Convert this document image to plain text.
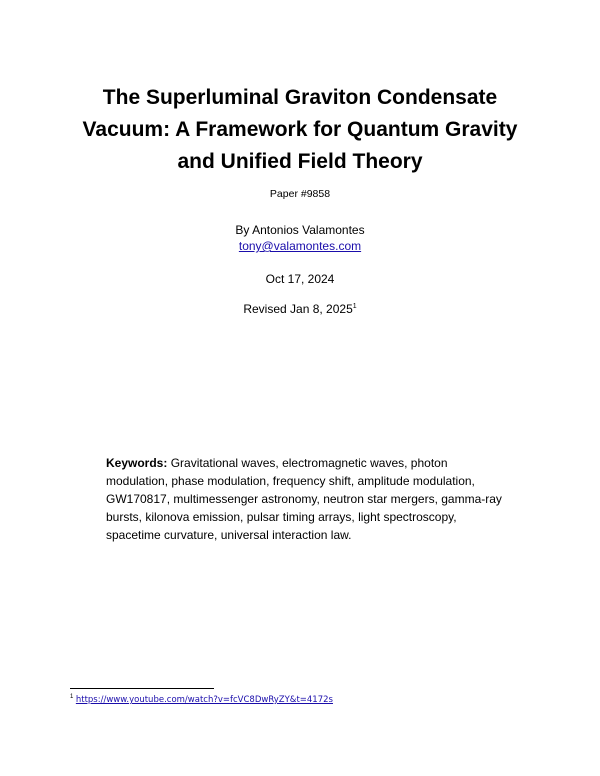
The Superluminal Graviton Condensate
Vacuum: A Framework for Quantum Gravity
and Unified Field Theory
Paper #9858
By Antonios Valamontes
tony@valamontes.com
Oct 17, 2024
Revised Jan 8, 2025$^1$

Keywords: Gravitational waves, electromagnetic waves, photon modulation, phase modulation, frequency shift, amplitude modulation, GW170817, multimessenger astronomy, neutron star mergers, gamma-ray bursts, kilonova emission, pulsar timing arrays, light spectroscopy, spacetime curvature, universal interaction law.

$^1$ https://www.youtube.com/watch?v=fcVC8DwRyZY&t=4172s
